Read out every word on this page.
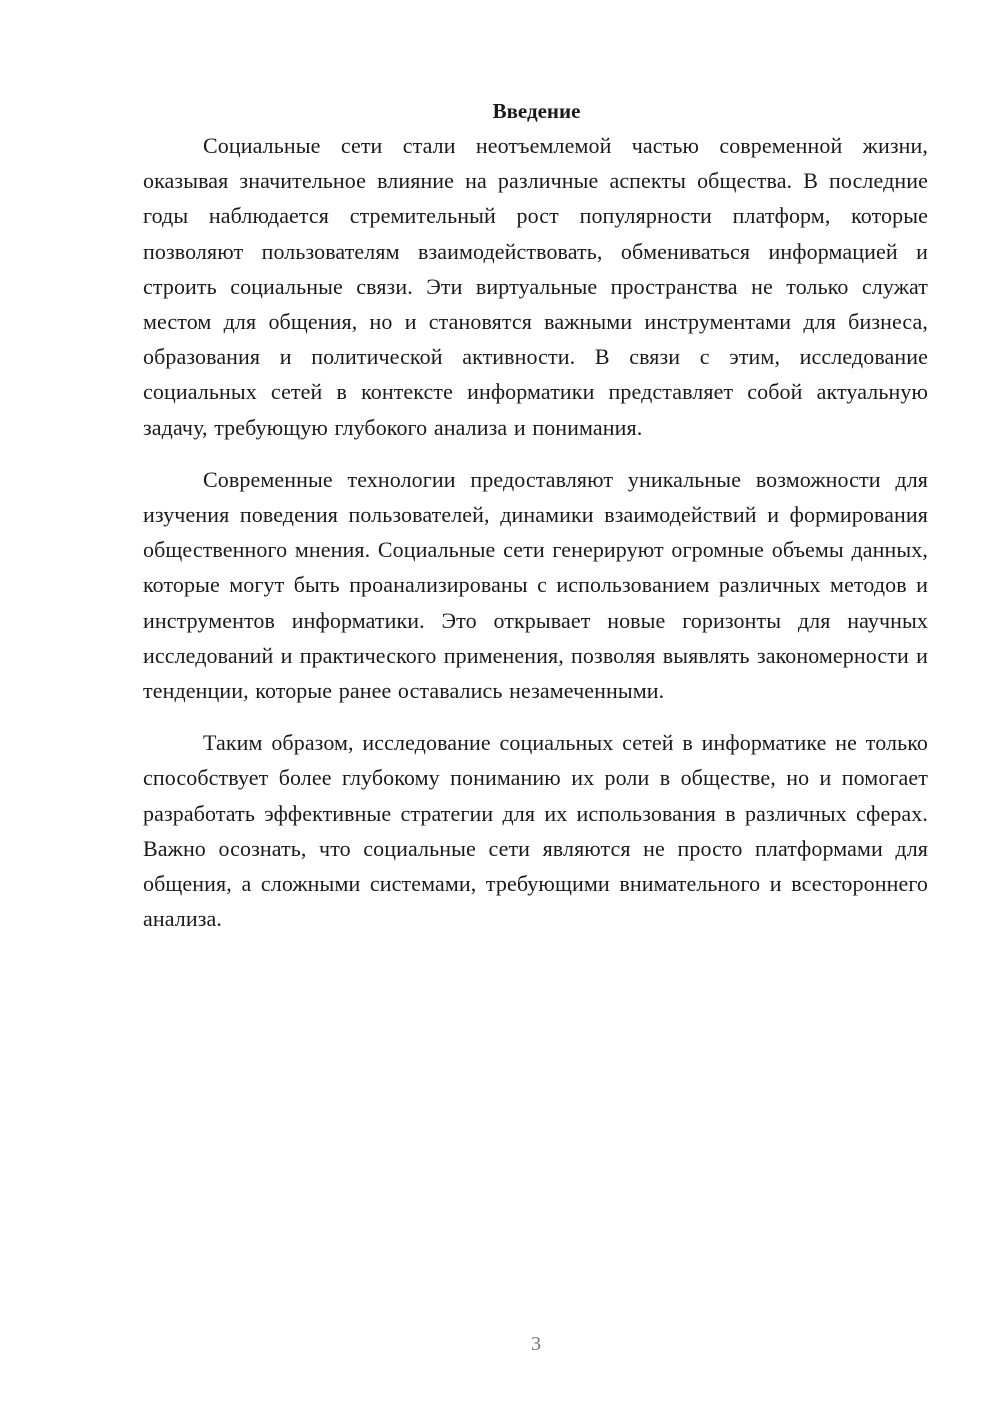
Введение

Социальные сети стали неотъемлемой частью современной жизни, оказывая значительное влияние на различные аспекты общества. В последние годы наблюдается стремительный рост популярности платформ, которые позволяют пользователям взаимодействовать, обмениваться информацией и строить социальные связи. Эти виртуальные пространства не только служат местом для общения, но и становятся важными инструментами для бизнеса, образования и политической активности. В связи с этим, исследование социальных сетей в контексте информатики представляет собой актуальную задачу, требующую глубокого анализа и понимания.

Современные технологии предоставляют уникальные возможности для изучения поведения пользователей, динамики взаимодействий и формирования общественного мнения. Социальные сети генерируют огромные объемы данных, которые могут быть проанализированы с использованием различных методов и инструментов информатики. Это открывает новые горизонты для научных исследований и практического применения, позволяя выявлять закономерности и тенденции, которые ранее оставались незамеченными.

Таким образом, исследование социальных сетей в информатике не только способствует более глубокому пониманию их роли в обществе, но и помогает разработать эффективные стратегии для их использования в различных сферах. Важно осознать, что социальные сети являются не просто платформами для общения, а сложными системами, требующими внимательного и всестороннего анализа.

3
